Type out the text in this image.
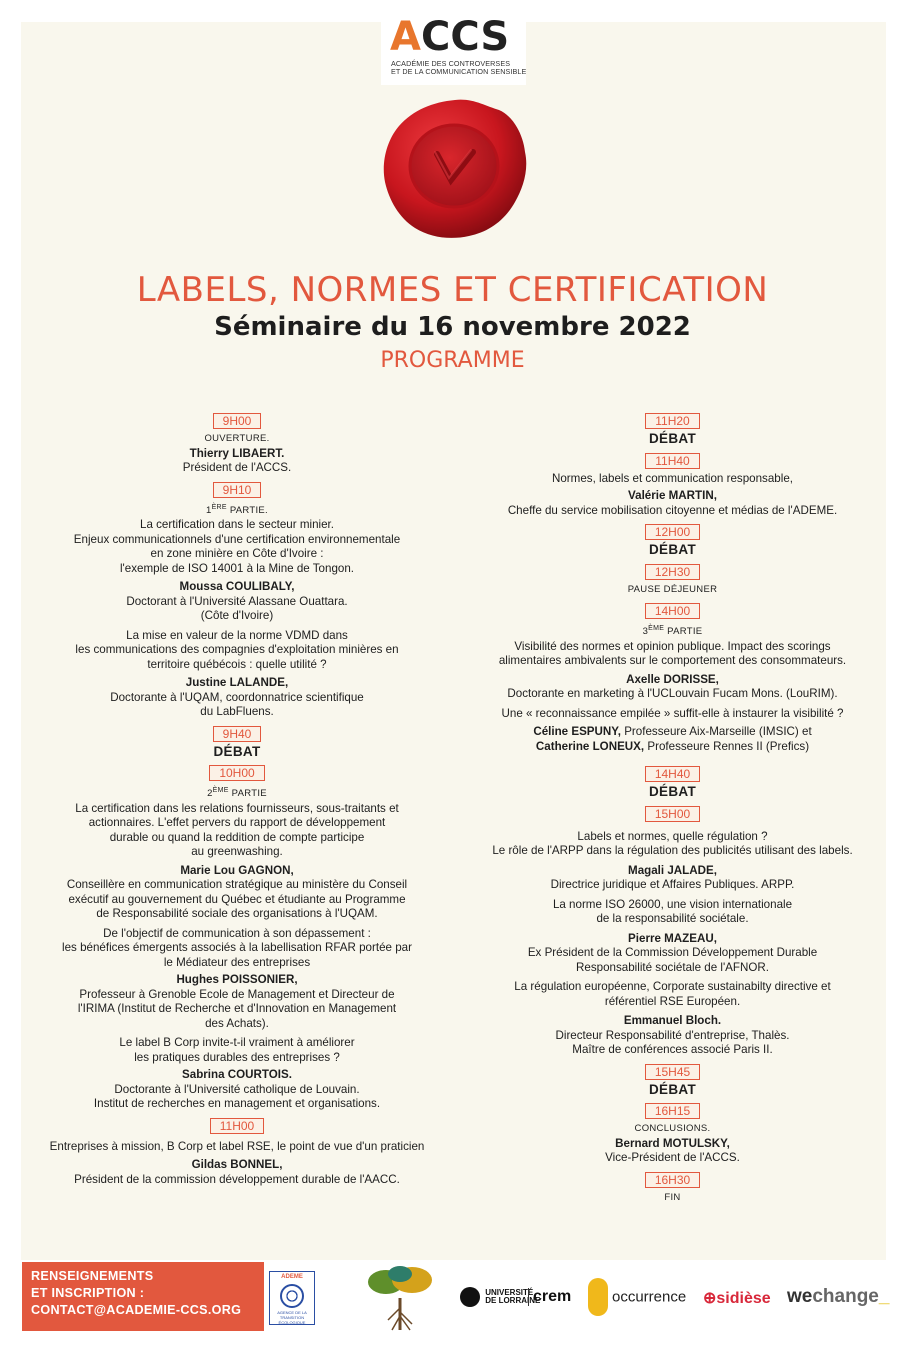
ACCS
ACADÉMIE DES CONTROVERSES
ET DE LA COMMUNICATION SENSIBLE
LABELS, NORMES ET CERTIFICATION
Séminaire du 16 novembre 2022
PROGRAMME
9H00
OUVERTURE.
Thierry LIBAERT.
Président de l'ACCS.
9H10
1ÈRE PARTIE.
La certification dans le secteur minier.
Enjeux communicationnels d'une certification environnementale
en zone minière en Côte d'Ivoire :
l'exemple de ISO 14001 à la Mine de Tongon.
Moussa COULIBALY,
Doctorant à l'Université Alassane Ouattara.
(Côte d'Ivoire)
La mise en valeur de la norme VDMD dans
les communications des compagnies d'exploitation minières en
territoire québécois : quelle utilité ?
Justine LALANDE,
Doctorante à l'UQAM, coordonnatrice scientifique
du LabFluens.
9H40
DÉBAT
10H00
2ÈME PARTIE
La certification dans les relations fournisseurs, sous-traitants et
actionnaires. L'effet pervers du rapport de développement
durable ou quand la reddition de compte participe
au greenwashing.
Marie Lou GAGNON,
Conseillère en communication stratégique au ministère du Conseil
exécutif au gouvernement du Québec et étudiante au Programme
de Responsabilité sociale des organisations à l'UQAM.
De l'objectif de communication à son dépassement :
les bénéfices émergents associés à la labellisation RFAR portée par
le Médiateur des entreprises
Hughes POISSONIER,
Professeur à Grenoble Ecole de Management et Directeur de
l'IRIMA (Institut de Recherche et d'Innovation en Management
des Achats).
Le label B Corp invite-t-il vraiment à améliorer
les pratiques durables des entreprises ?
Sabrina COURTOIS.
Doctorante à l'Université catholique de Louvain.
Institut de recherches en management et organisations.
11H00
Entreprises à mission, B Corp et label RSE, le point de vue d'un praticien
Gildas BONNEL,
Président de la commission développement durable de l'AACC.
11H20
DÉBAT
11H40
Normes, labels et communication responsable,
Valérie MARTIN,
Cheffe du service mobilisation citoyenne et médias de l'ADEME.
12H00
DÉBAT
12H30
PAUSE DÉJEUNER
14H00
3ÈME PARTIE
Visibilité des normes et opinion publique. Impact des scorings
alimentaires ambivalents sur le comportement des consommateurs.
Axelle DORISSE,
Doctorante en marketing à l'UCLouvain Fucam Mons. (LouRIM).
Une « reconnaissance empilée » suffit-elle à instaurer la visibilité ?
Céline ESPUNY, Professeure Aix-Marseille (IMSIC) et
Catherine LONEUX, Professeure Rennes II (Prefics)
14H40
DÉBAT
15H00
Labels et normes, quelle régulation ?
Le rôle de l'ARPP dans la régulation des publicités utilisant des labels.
Magali JALADE,
Directrice juridique et Affaires Publiques. ARPP.
La norme ISO 26000, une vision internationale
de la responsabilité sociétale.
Pierre MAZEAU,
Ex Président de la Commission Développement Durable
Responsabilité sociétale de l'AFNOR.
La régulation européenne, Corporate sustainabilty directive et
référentiel RSE Européen.
Emmanuel Bloch.
Directeur Responsabilité d'entreprise, Thalès.
Maître de conférences associé Paris II.
15H45
DÉBAT
16H15
CONCLUSIONS.
Bernard MOTULSKY,
Vice-Président de l'ACCS.
16H30
FIN
RENSEIGNEMENTS
ET INSCRIPTION :
CONTACT@ACADEMIE-CCS.ORG
ADEME
AGENCE DE LA TRANSITION ÉCOLOGIQUE
UNIVERSITÉ
DE LORRAINE
crem	occurrence ⊕sidièse wechange_
